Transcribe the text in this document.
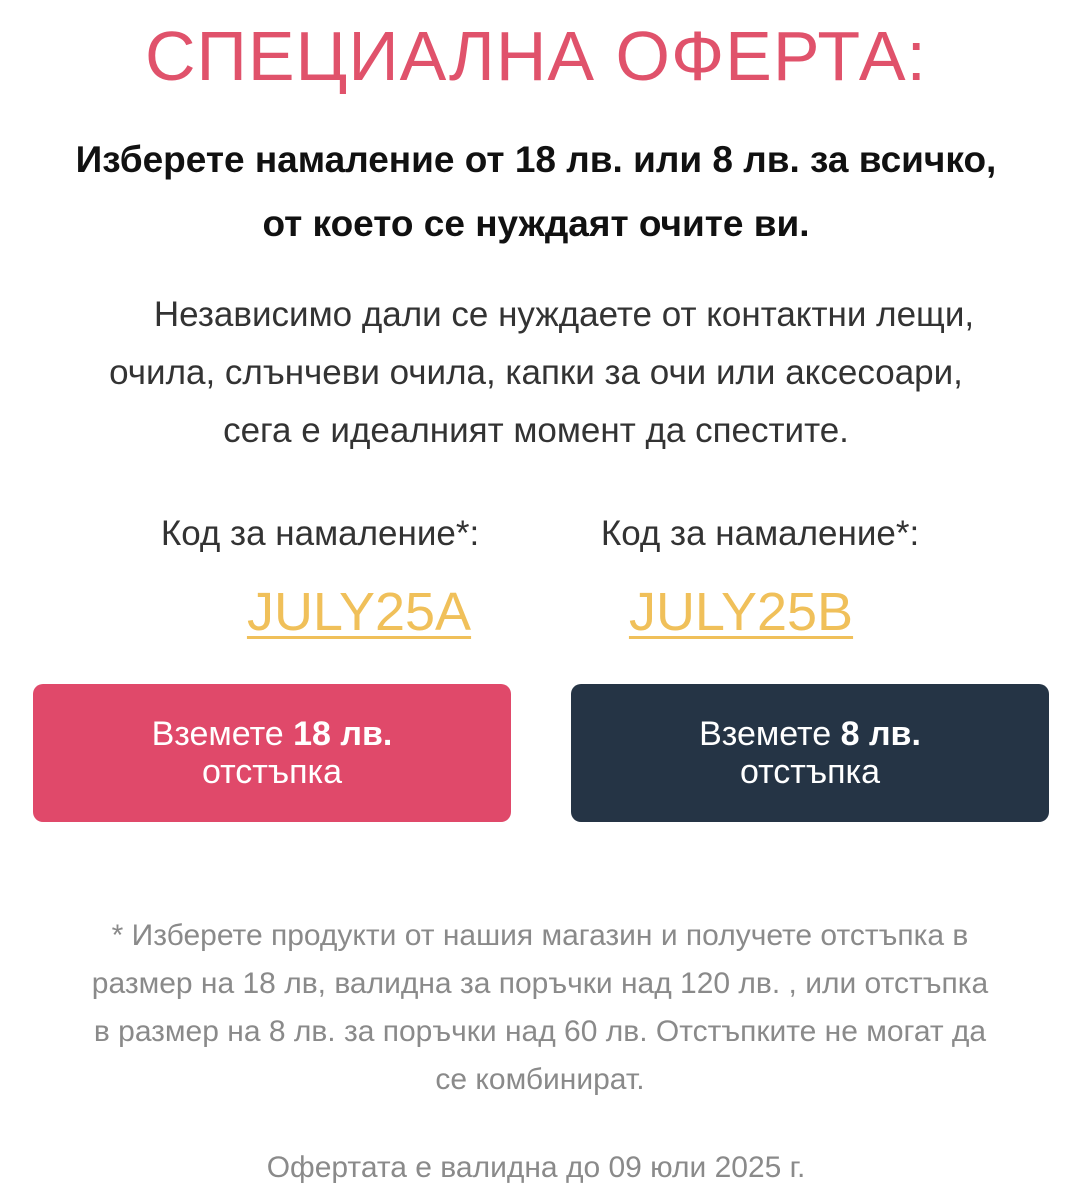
СПЕЦИАЛНА ОФЕРТА:

Изберете намаление от 18 лв. или 8 лв. за всичко,
от което се нуждаят очите ви.

Независимо дали се нуждаете от контактни лещи,
очила, слънчеви очила, капки за очи или аксесоари,
сега е идеалният момент да спестите.

Код за намаление*:
JULY25A
Код за намаление*:
JULY25B
Вземете 18 лв.
отстъпка
Вземете 8 лв.
отстъпка

* Изберете продукти от нашия магазин и получете отстъпка в
размер на 18 лв, валидна за поръчки над 120 лв. , или отстъпка
в размер на 8 лв. за поръчки над 60 лв. Отстъпките не могат да
се комбинират.

Офертата е валидна до 09 юли 2025 г.
